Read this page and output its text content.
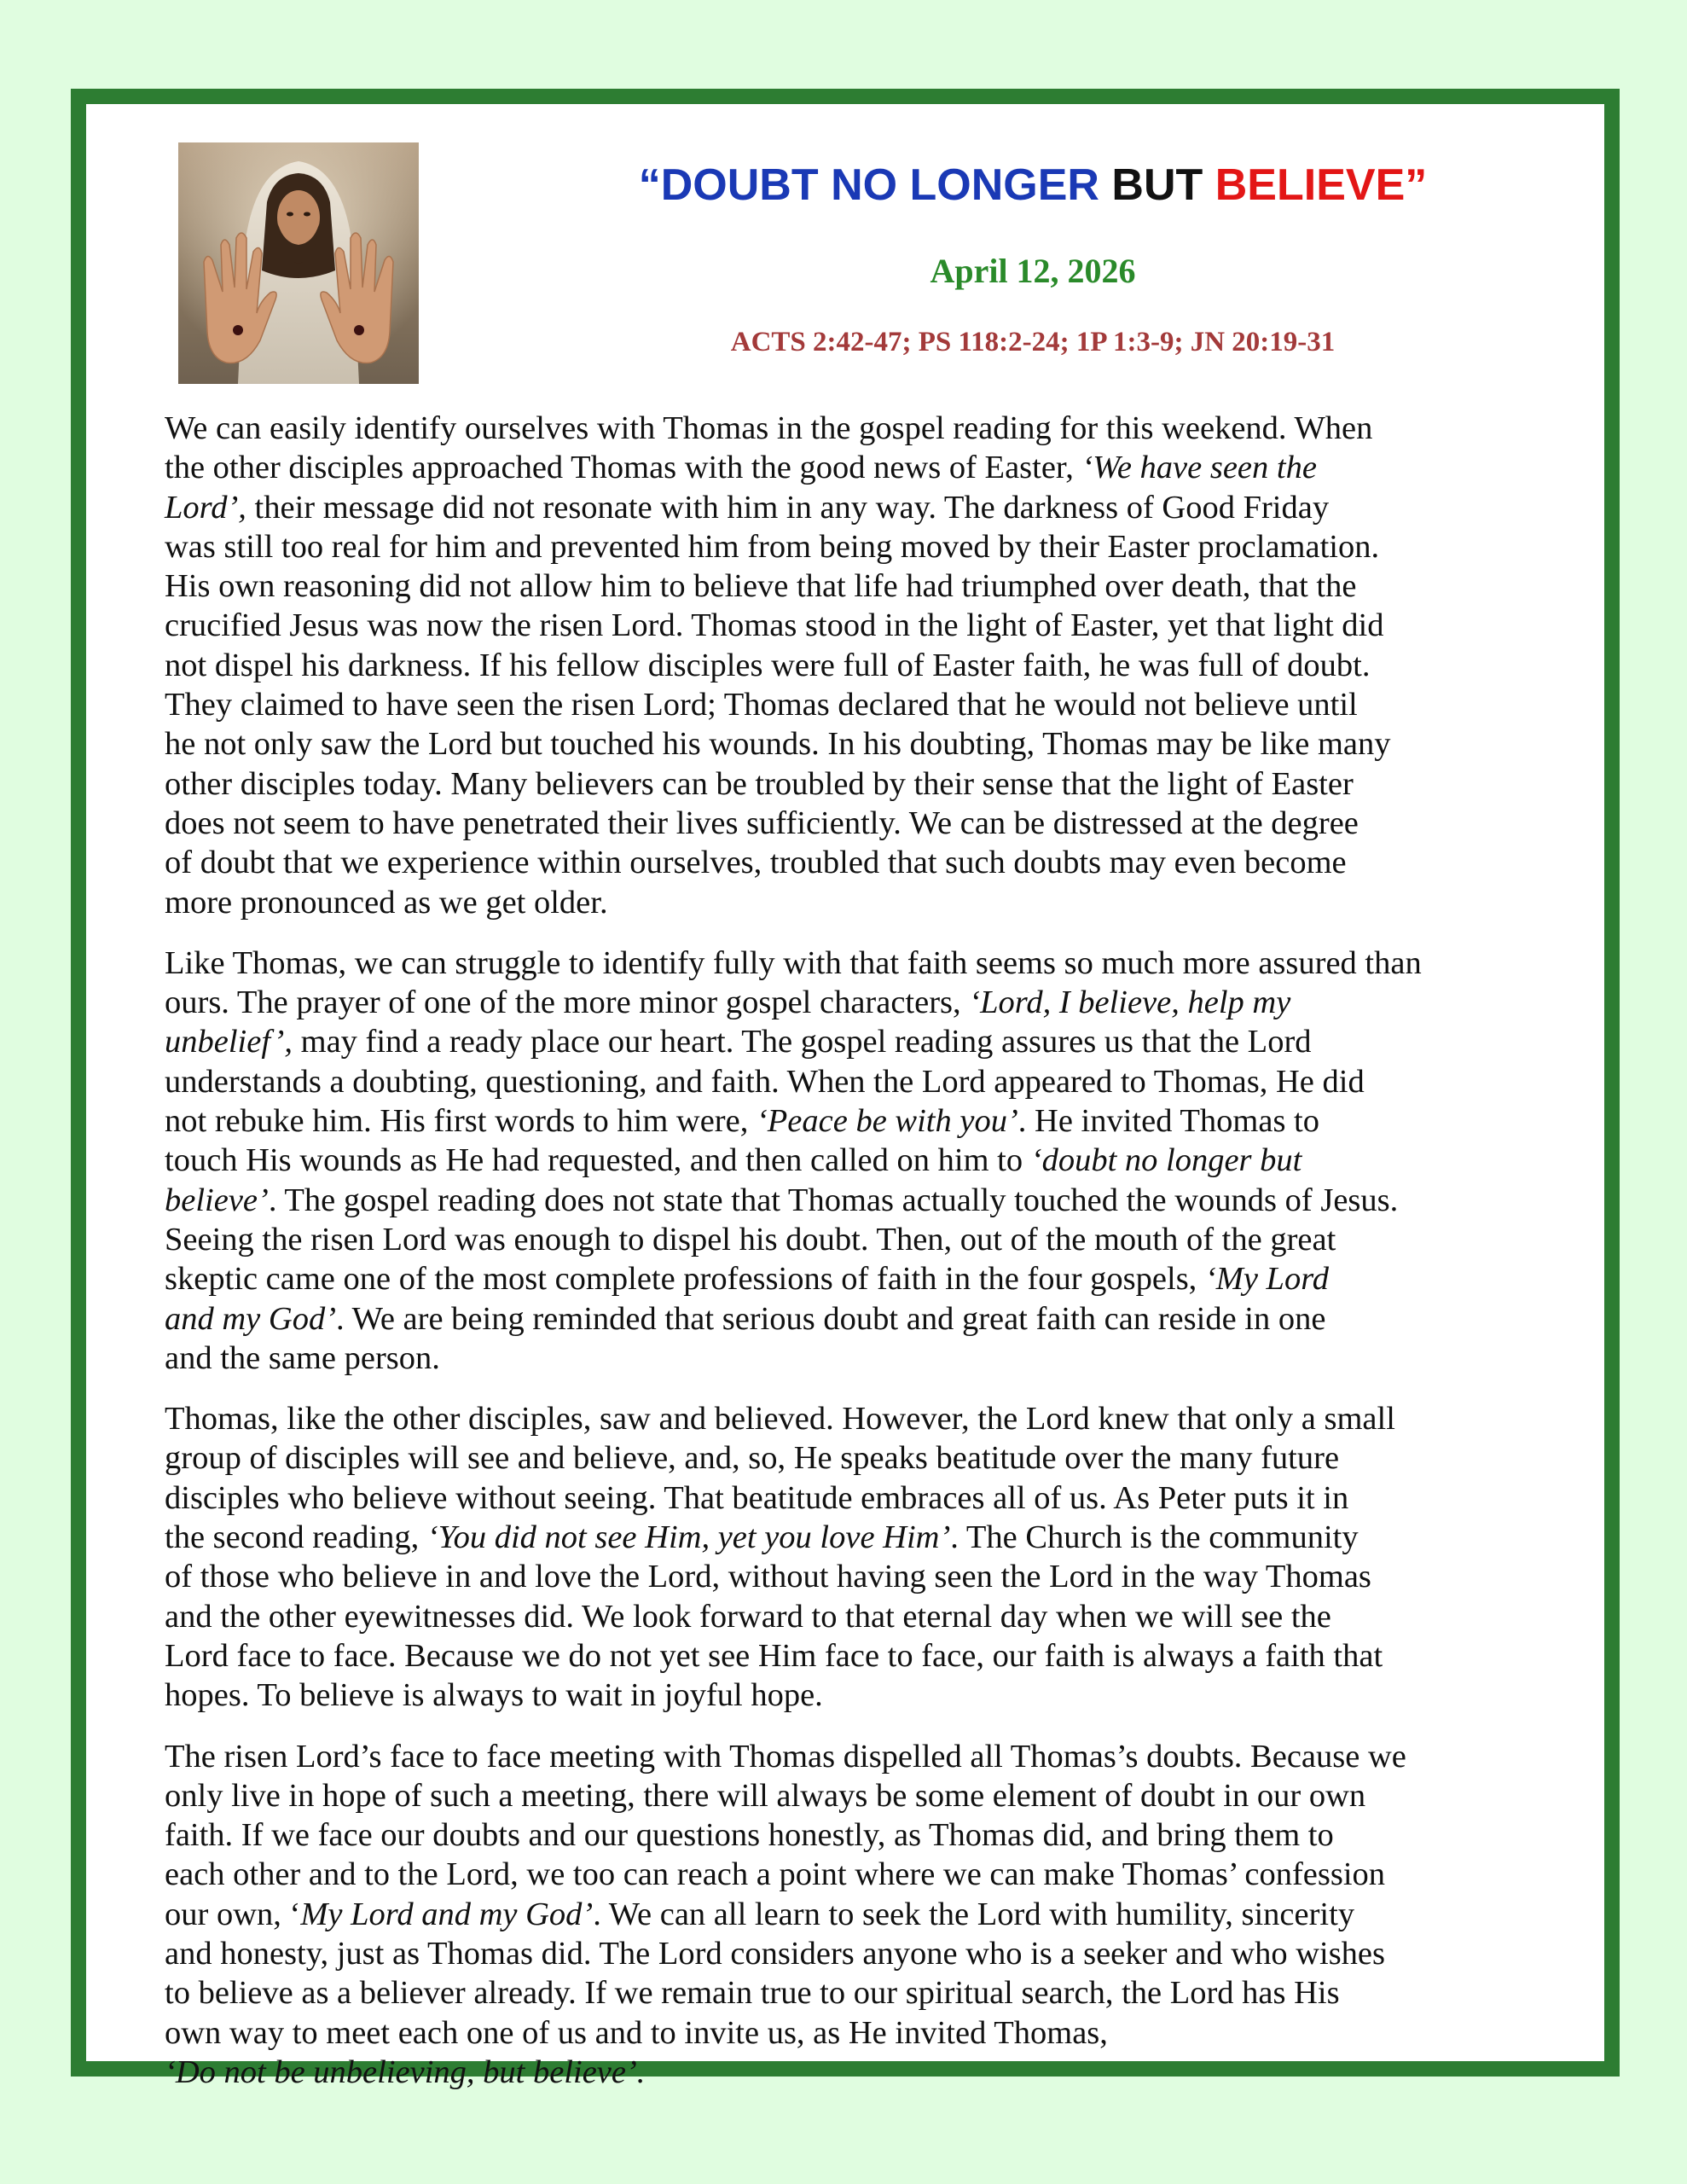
“DOUBT NO LONGER BUT BELIEVE”
April 12, 2026
ACTS 2:42-47; PS 118:2-24; 1P 1:3-9; JN 20:19-31
We can easily identify ourselves with Thomas in the gospel reading for this weekend. When
the other disciples approached Thomas with the good news of Easter, ‘We have seen the
Lord’, their message did not resonate with him in any way. The darkness of Good Friday
was still too real for him and prevented him from being moved by their Easter proclamation.
His own reasoning did not allow him to believe that life had triumphed over death, that the
crucified Jesus was now the risen Lord. Thomas stood in the light of Easter, yet that light did
not dispel his darkness. If his fellow disciples were full of Easter faith, he was full of doubt.
They claimed to have seen the risen Lord; Thomas declared that he would not believe until
he not only saw the Lord but touched his wounds. In his doubting, Thomas may be like many
other disciples today. Many believers can be troubled by their sense that the light of Easter
does not seem to have penetrated their lives sufficiently. We can be distressed at the degree
of doubt that we experience within ourselves, troubled that such doubts may even become
more pronounced as we get older.
Like Thomas, we can struggle to identify fully with that faith seems so much more assured than
ours. The prayer of one of the more minor gospel characters, ‘Lord, I believe, help my
unbelief’, may find a ready place our heart. The gospel reading assures us that the Lord
understands a doubting, questioning, and faith. When the Lord appeared to Thomas, He did
not rebuke him. His first words to him were, ‘Peace be with you’. He invited Thomas to
touch His wounds as He had requested, and then called on him to ‘doubt no longer but
believe’. The gospel reading does not state that Thomas actually touched the wounds of Jesus.
Seeing the risen Lord was enough to dispel his doubt. Then, out of the mouth of the great
skeptic came one of the most complete professions of faith in the four gospels, ‘My Lord
and my God’. We are being reminded that serious doubt and great faith can reside in one
and the same person.
Thomas, like the other disciples, saw and believed. However, the Lord knew that only a small
group of disciples will see and believe, and, so, He speaks beatitude over the many future
disciples who believe without seeing. That beatitude embraces all of us. As Peter puts it in
the second reading, ‘You did not see Him, yet you love Him’. The Church is the community
of those who believe in and love the Lord, without having seen the Lord in the way Thomas
and the other eyewitnesses did. We look forward to that eternal day when we will see the
Lord face to face. Because we do not yet see Him face to face, our faith is always a faith that
hopes. To believe is always to wait in joyful hope.
The risen Lord’s face to face meeting with Thomas dispelled all Thomas’s doubts. Because we
only live in hope of such a meeting, there will always be some element of doubt in our own
faith. If we face our doubts and our questions honestly, as Thomas did, and bring them to
each other and to the Lord, we too can reach a point where we can make Thomas’ confession
our own, ‘My Lord and my God’. We can all learn to seek the Lord with humility, sincerity
and honesty, just as Thomas did. The Lord considers anyone who is a seeker and who wishes
to believe as a believer already. If we remain true to our spiritual search, the Lord has His
own way to meet each one of us and to invite us, as He invited Thomas,
‘Do not be unbelieving, but believe’.
